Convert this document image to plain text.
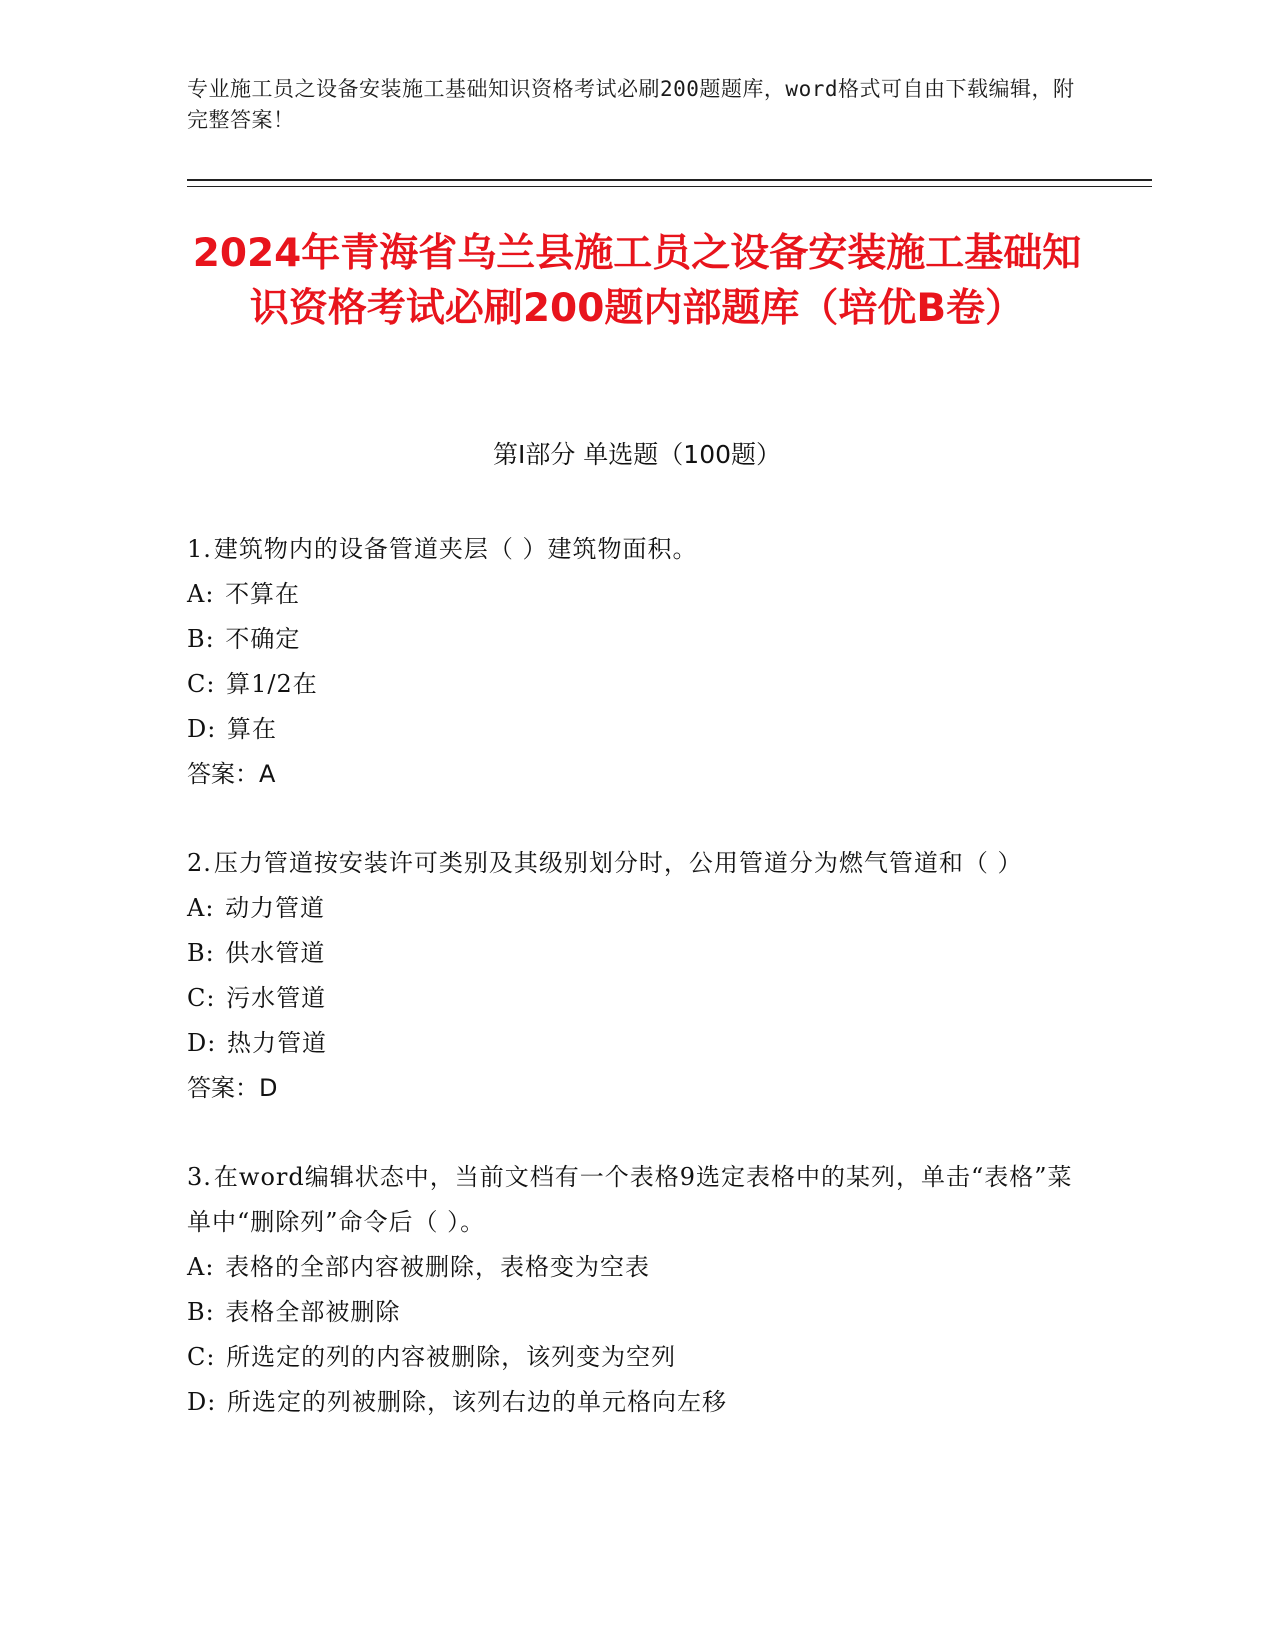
专业施工员之设备安装施工基础知识资格考试必刷200题题库，word格式可自由下载编辑，附完整答案！

2024年青海省乌兰县施工员之设备安装施工基础知识资格考试必刷200题内部题库（培优B卷）
第Ⅰ部分 单选题（100题）

1.建筑物内的设备管道夹层（ ）建筑物面积。

A: 不算在

B: 不确定

C: 算1/2在

D: 算在

答案：A

2.压力管道按安装许可类别及其级别划分时，公用管道分为燃气管道和（ ）

A: 动力管道

B: 供水管道

C: 污水管道

D: 热力管道

答案：D

3.在word编辑状态中，当前文档有一个表格9选定表格中的某列，单击“表格”菜单中“删除列”命令后（ ）。

A: 表格的全部内容被删除，表格变为空表

B: 表格全部被删除

C: 所选定的列的内容被删除，该列变为空列

D: 所选定的列被删除，该列右边的单元格向左移
